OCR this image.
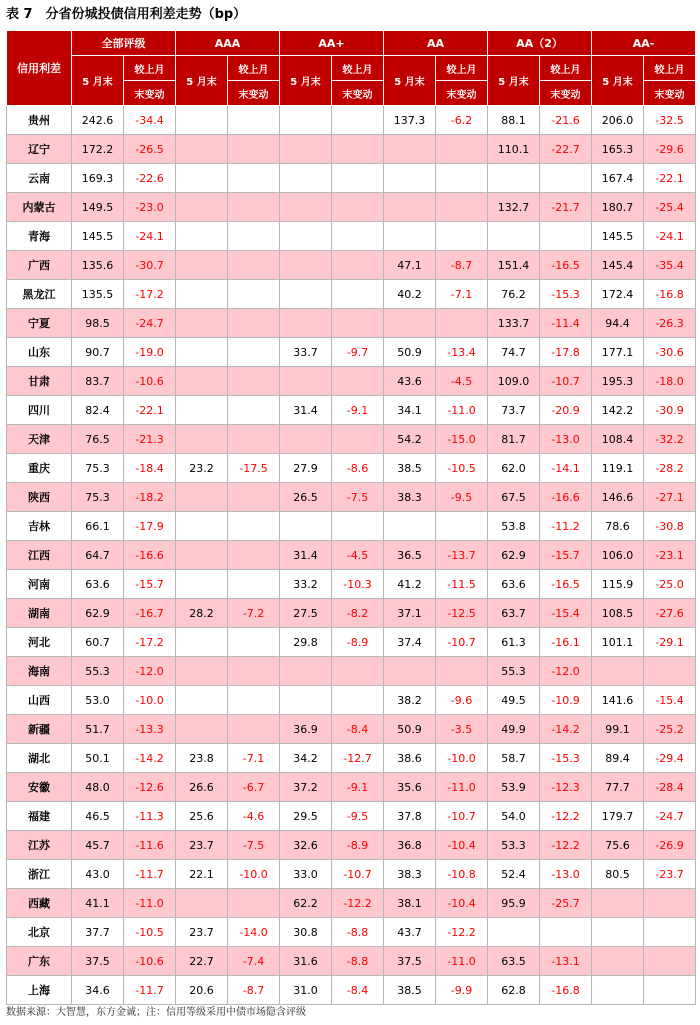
表 7　分省份城投债信用利差走势（bp）
信用利差	全部评级		AAA		AA+		AA		AA（2）		AA-	
	5 月末	较上月	5 月末	较上月	5 月末	较上月	5 月末	较上月	5 月末	较上月	5 月末	较上月
		末变动		末变动		末变动		末变动		末变动		末变动
贵州	242.6	-34.4					137.3	-6.2	88.1	-21.6	206.0	-32.5
辽宁	172.2	-26.5							110.1	-22.7	165.3	-29.6
云南	169.3	-22.6									167.4	-22.1
内蒙古	149.5	-23.0							132.7	-21.7	180.7	-25.4
青海	145.5	-24.1									145.5	-24.1
广西	135.6	-30.7					47.1	-8.7	151.4	-16.5	145.4	-35.4
黑龙江	135.5	-17.2					40.2	-7.1	76.2	-15.3	172.4	-16.8
宁夏	98.5	-24.7							133.7	-11.4	94.4	-26.3
山东	90.7	-19.0			33.7	-9.7	50.9	-13.4	74.7	-17.8	177.1	-30.6
甘肃	83.7	-10.6					43.6	-4.5	109.0	-10.7	195.3	-18.0
四川	82.4	-22.1			31.4	-9.1	34.1	-11.0	73.7	-20.9	142.2	-30.9
天津	76.5	-21.3					54.2	-15.0	81.7	-13.0	108.4	-32.2
重庆	75.3	-18.4	23.2	-17.5	27.9	-8.6	38.5	-10.5	62.0	-14.1	119.1	-28.2
陕西	75.3	-18.2			26.5	-7.5	38.3	-9.5	67.5	-16.6	146.6	-27.1
吉林	66.1	-17.9							53.8	-11.2	78.6	-30.8
江西	64.7	-16.6			31.4	-4.5	36.5	-13.7	62.9	-15.7	106.0	-23.1
河南	63.6	-15.7			33.2	-10.3	41.2	-11.5	63.6	-16.5	115.9	-25.0
湖南	62.9	-16.7	28.2	-7.2	27.5	-8.2	37.1	-12.5	63.7	-15.4	108.5	-27.6
河北	60.7	-17.2			29.8	-8.9	37.4	-10.7	61.3	-16.1	101.1	-29.1
海南	55.3	-12.0							55.3	-12.0		
山西	53.0	-10.0					38.2	-9.6	49.5	-10.9	141.6	-15.4
新疆	51.7	-13.3			36.9	-8.4	50.9	-3.5	49.9	-14.2	99.1	-25.2
湖北	50.1	-14.2	23.8	-7.1	34.2	-12.7	38.6	-10.0	58.7	-15.3	89.4	-29.4
安徽	48.0	-12.6	26.6	-6.7	37.2	-9.1	35.6	-11.0	53.9	-12.3	77.7	-28.4
福建	46.5	-11.3	25.6	-4.6	29.5	-9.5	37.8	-10.7	54.0	-12.2	179.7	-24.7
江苏	45.7	-11.6	23.7	-7.5	32.6	-8.9	36.8	-10.4	53.3	-12.2	75.6	-26.9
浙江	43.0	-11.7	22.1	-10.0	33.0	-10.7	38.3	-10.8	52.4	-13.0	80.5	-23.7
西藏	41.1	-11.0			62.2	-12.2	38.1	-10.4	95.9	-25.7		
北京	37.7	-10.5	23.7	-14.0	30.8	-8.8	43.7	-12.2				
广东	37.5	-10.6	22.7	-7.4	31.6	-8.8	37.5	-11.0	63.5	-13.1		
上海	34.6	-11.7	20.6	-8.7	31.0	-8.4	38.5	-9.9	62.8	-16.8		
数据来源：大智慧，东方金诚；注：信用等级采用中债市场隐含评级
